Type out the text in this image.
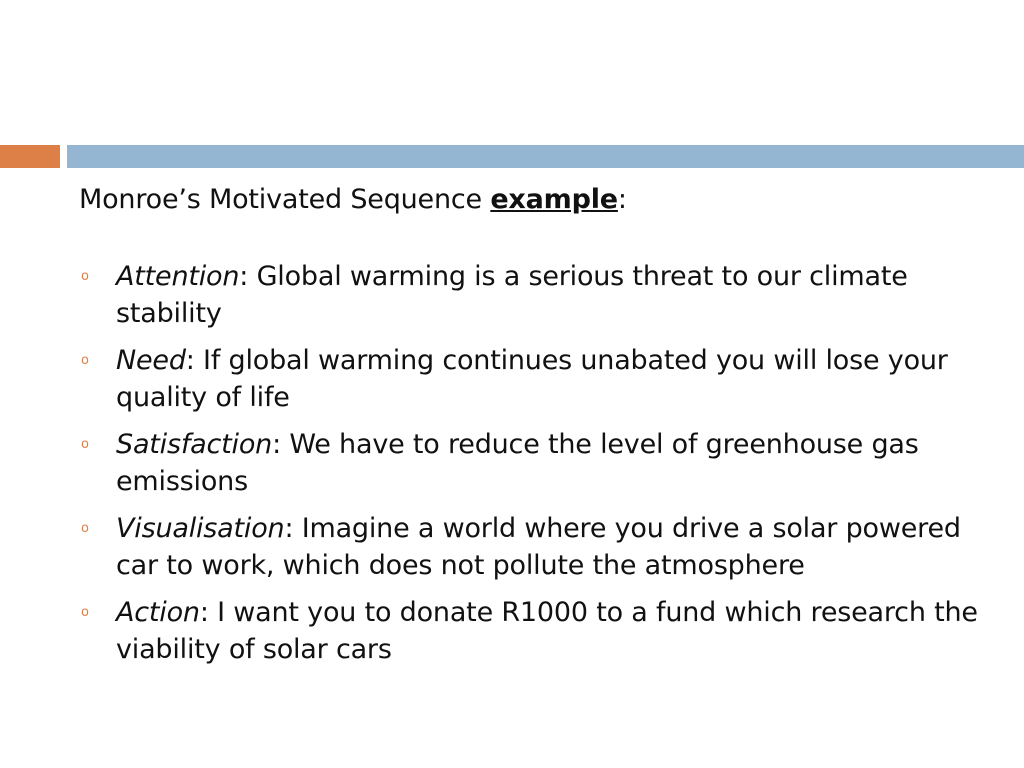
Monroe’s Motivated Sequence example:

o Attention: Global warming is a serious threat to our climate stability
o Need: If global warming continues unabated you will lose your quality of life
o Satisfaction: We have to reduce the level of greenhouse gas emissions
o Visualisation: Imagine a world where you drive a solar powered car to work, which does not pollute the atmosphere
o Action: I want you to donate R1000 to a fund which research the viability of solar cars
